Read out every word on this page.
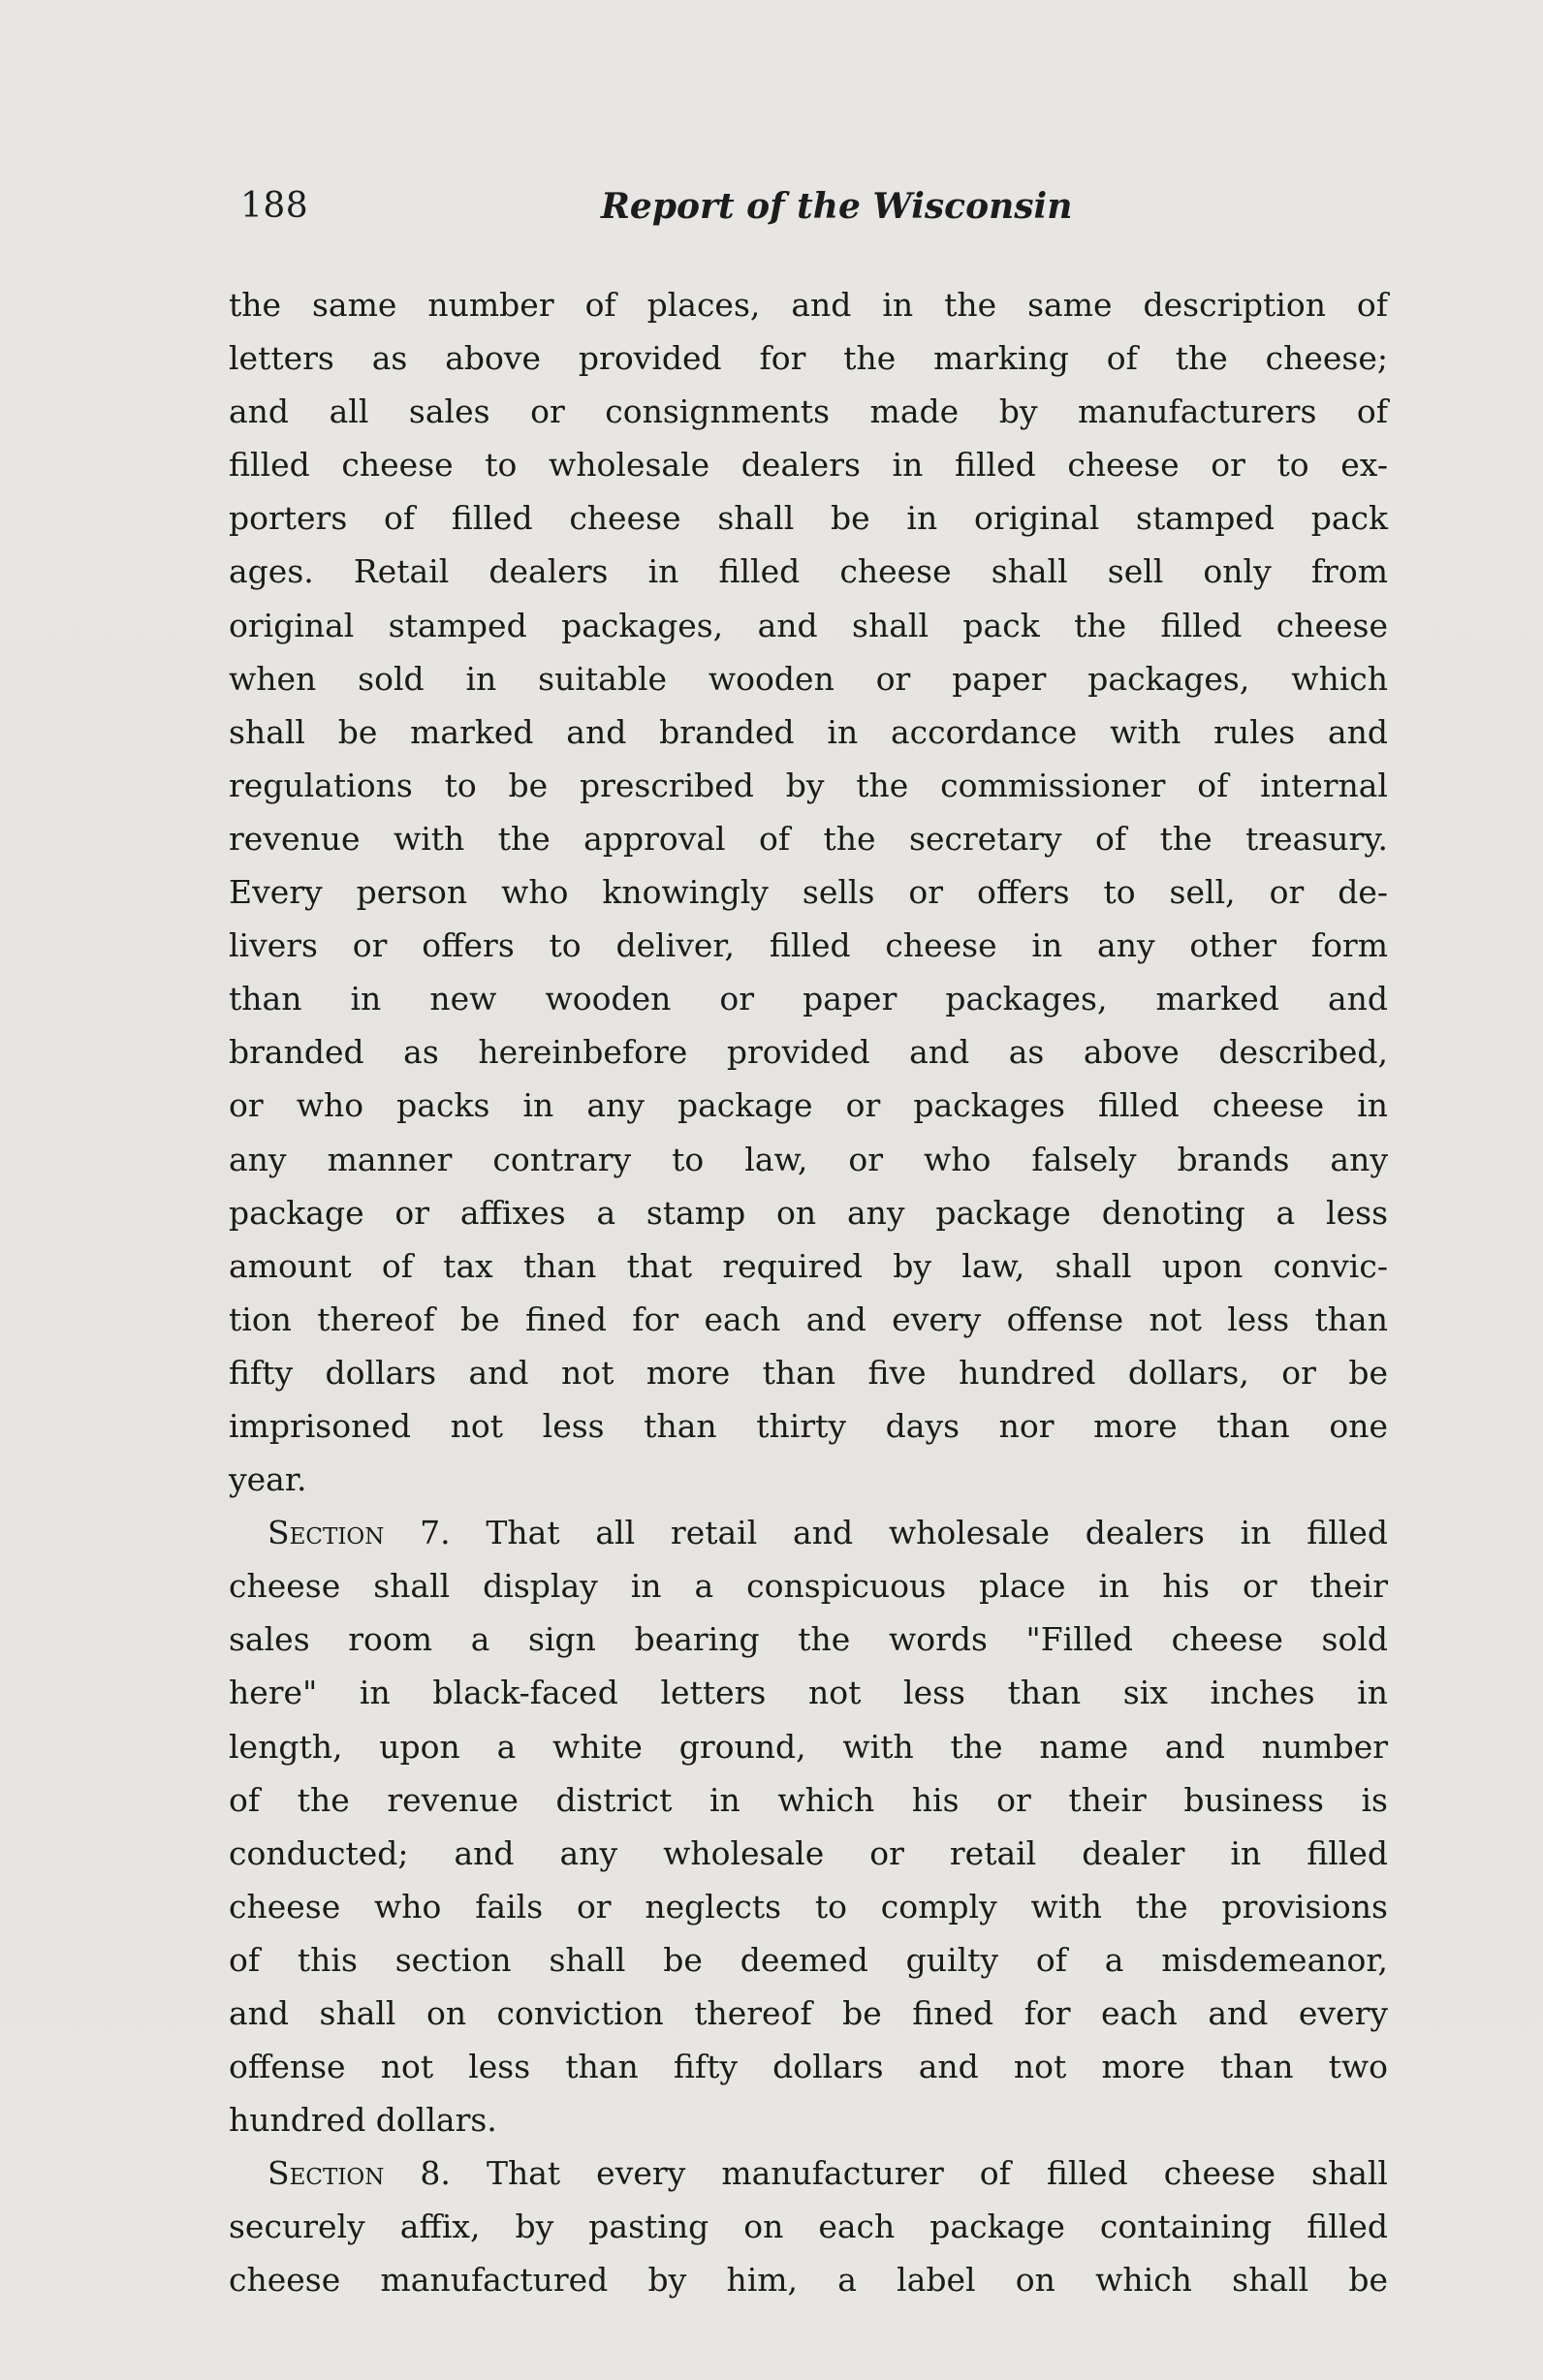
188	Report of the Wisconsin
the same number of places, and in the same description of
letters as above provided for the marking of the cheese;
and all sales or consignments made by manufacturers of
filled cheese to wholesale dealers in filled cheese or to ex-
porters of filled cheese shall be in original stamped pack
ages. Retail dealers in filled cheese shall sell only from
original stamped packages, and shall pack the filled cheese
when sold in suitable wooden or paper packages, which
shall be marked and branded in accordance with rules and
regulations to be prescribed by the commissioner of internal
revenue with the approval of the secretary of the treasury.
Every person who knowingly sells or offers to sell, or de-
livers or offers to deliver, filled cheese in any other form
than in new wooden or paper packages, marked and
branded as hereinbefore provided and as above described,
or who packs in any package or packages filled cheese in
any manner contrary to law, or who falsely brands any
package or affixes a stamp on any package denoting a less
amount of tax than that required by law, shall upon convic-
tion thereof be fined for each and every offense not less than
fifty dollars and not more than five hundred dollars, or be
imprisoned not less than thirty days nor more than one
year.
Section 7. That all retail and wholesale dealers in filled
cheese shall display in a conspicuous place in his or their
sales room a sign bearing the words "Filled cheese sold
here" in black-faced letters not less than six inches in
length, upon a white ground, with the name and number
of the revenue district in which his or their business is
conducted; and any wholesale or retail dealer in filled
cheese who fails or neglects to comply with the provisions
of this section shall be deemed guilty of a misdemeanor,
and shall on conviction thereof be fined for each and every
offense not less than fifty dollars and not more than two
hundred dollars.
Section 8. That every manufacturer of filled cheese shall
securely affix, by pasting on each package containing filled
cheese manufactured by him, a label on which shall be
